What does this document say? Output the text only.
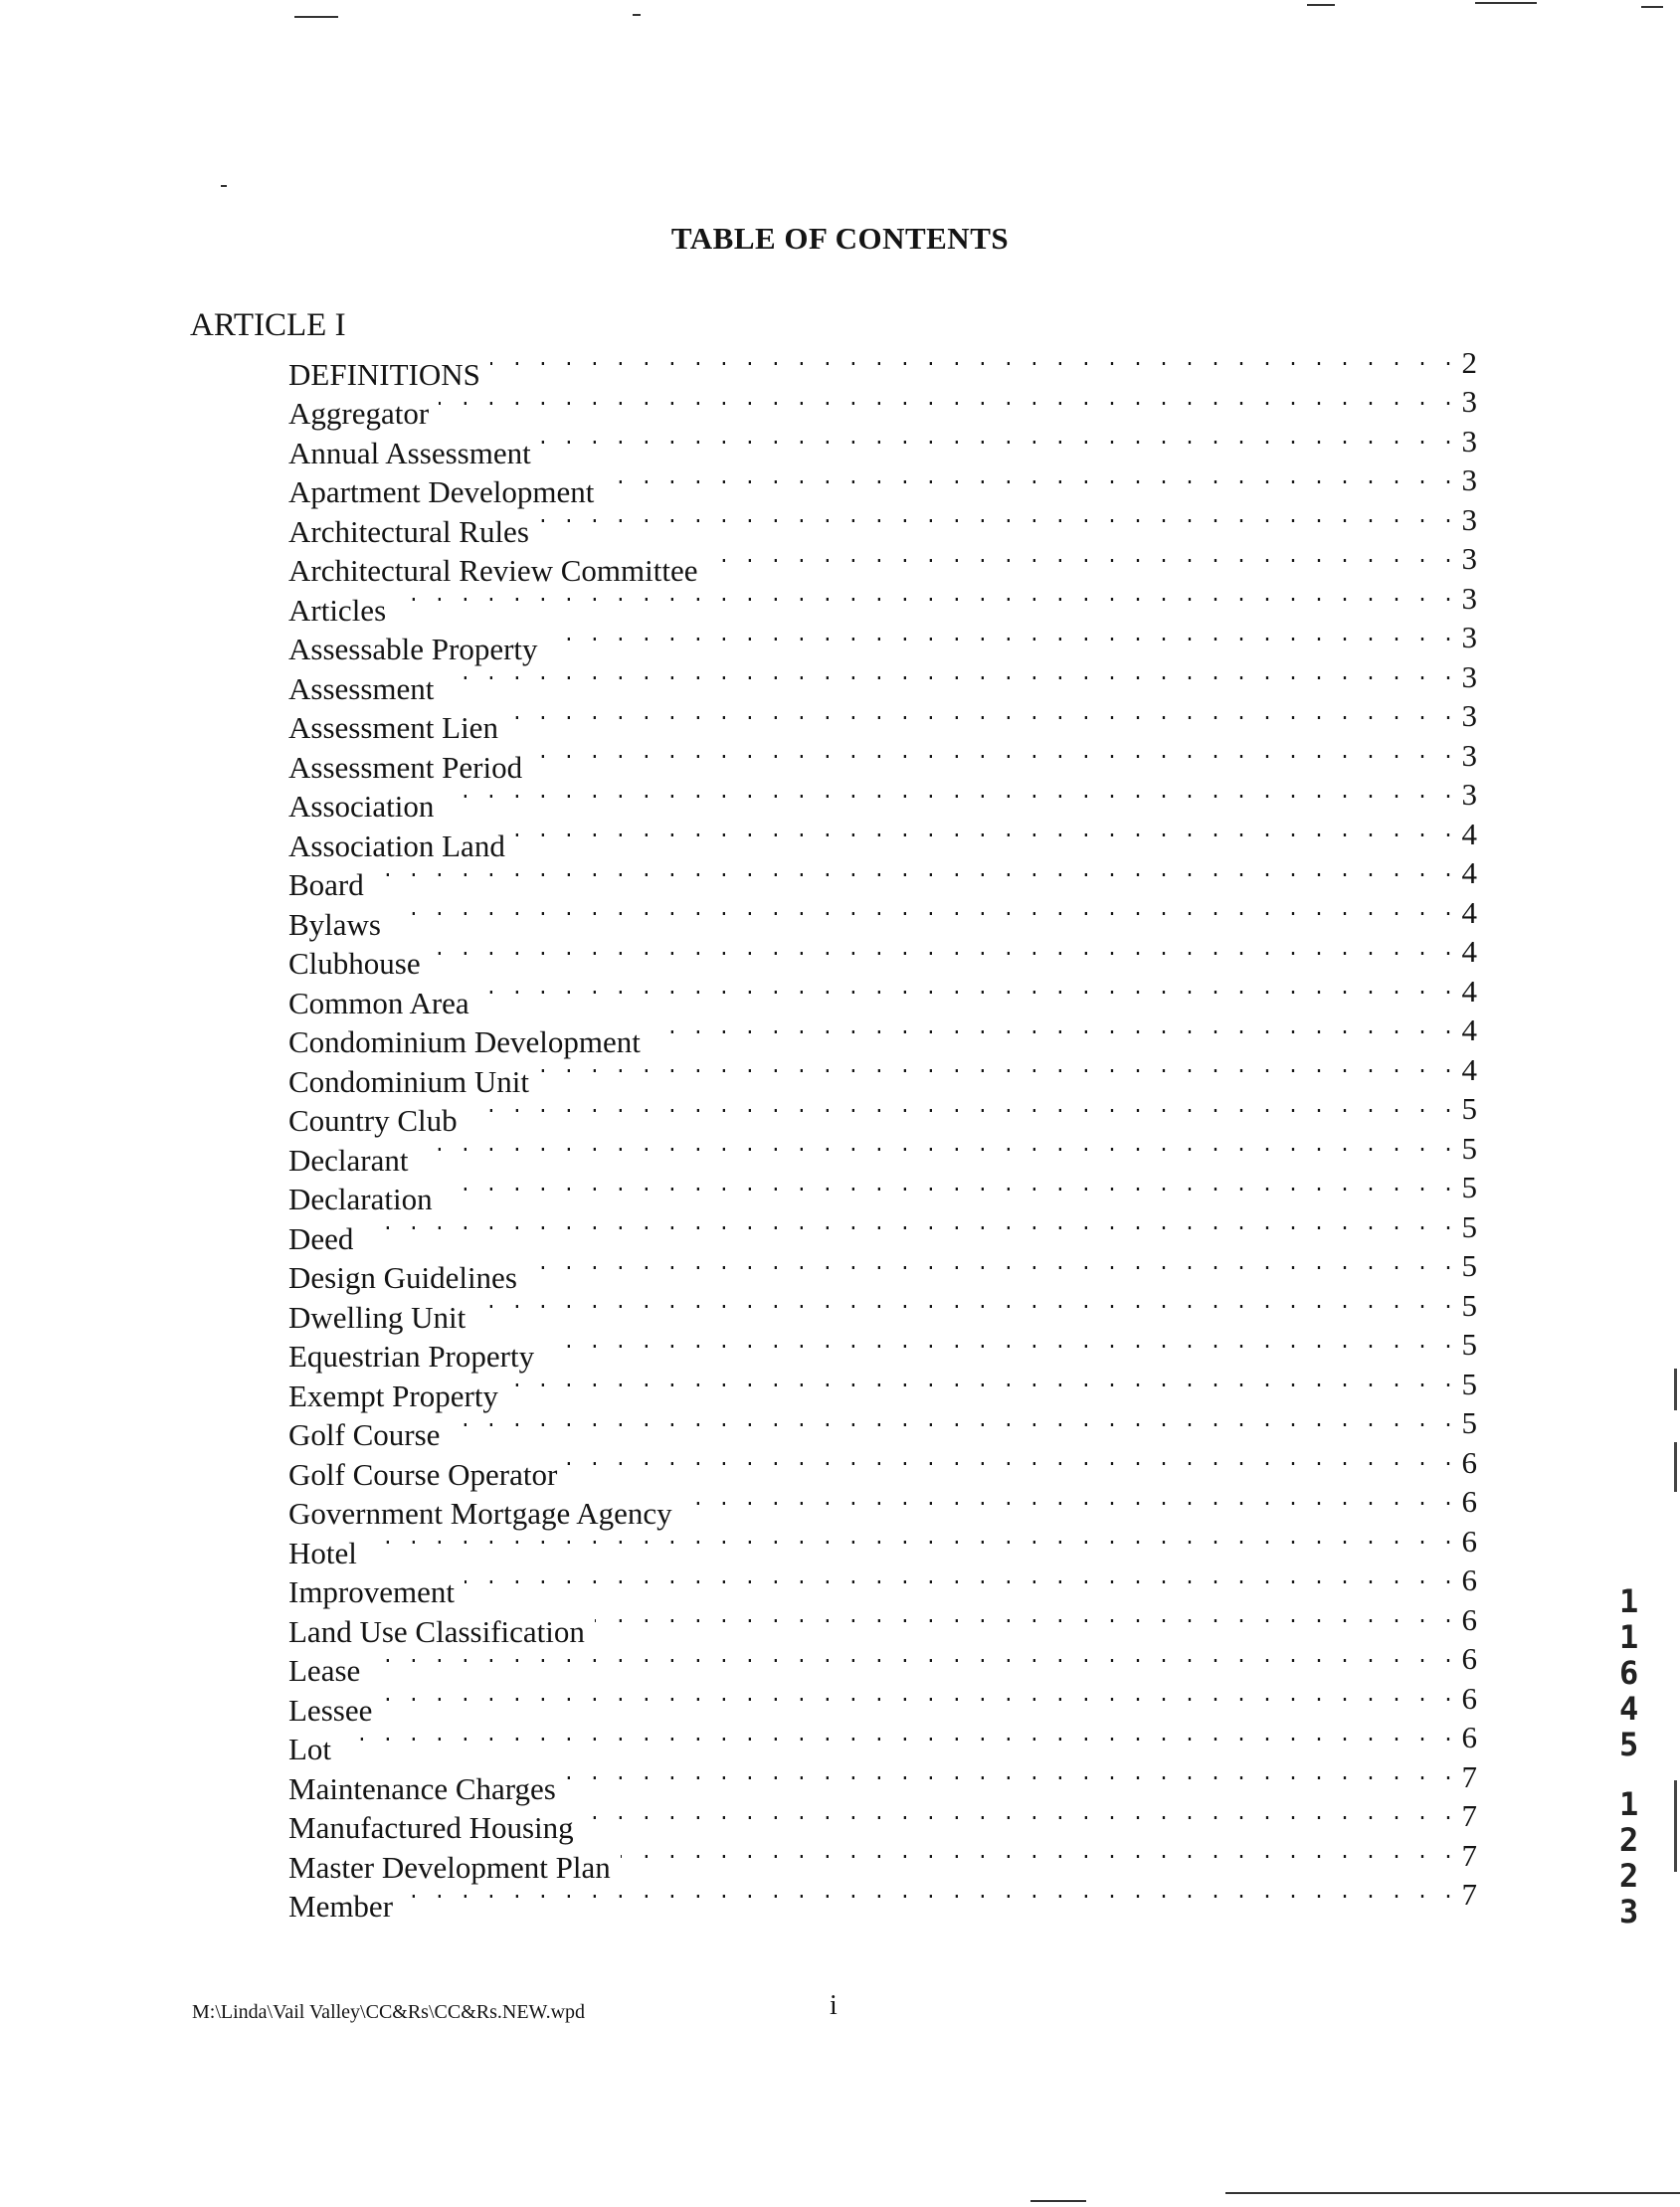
TABLE OF CONTENTS
ARTICLE I
DEFINITIONS . . .	2
Aggregator . . .	3
Annual Assessment . . .	3
Apartment Development . . .	3
Architectural Rules . . .	3
Architectural Review Committee . . .	3
Articles . . .	3
Assessable Property . . .	3
Assessment . . .	3
Assessment Lien . . .	3
Assessment Period . . .	3
Association . . .	3
Association Land . . .	4
Board . . .	4
Bylaws . . .	4
Clubhouse . . .	4
Common Area . . .	4
Condominium Development . . .	4
Condominium Unit . . .	4
Country Club . . .	5
Declarant . . .	5
Declaration . . .	5
Deed . . .	5
Design Guidelines . . .	5
Dwelling Unit . . .	5
Equestrian Property . . .	5
Exempt Property . . .	5
Golf Course . . .	5
Golf Course Operator . . .	6
Government Mortgage Agency . . .	6
Hotel . . .	6
Improvement . . .	6
Land Use Classification . . .	6
Lease . . .	6
Lessee . . .	6
Lot . . .	6
Maintenance Charges . . .	7
Manufactured Housing . . .	7
Master Development Plan . . .	7
Member . . .	7
M:\Linda\Vail Valley\CC&Rs\CC&Rs.NEW.wpd	i
1
1
6
4
5
1
2
2
3
